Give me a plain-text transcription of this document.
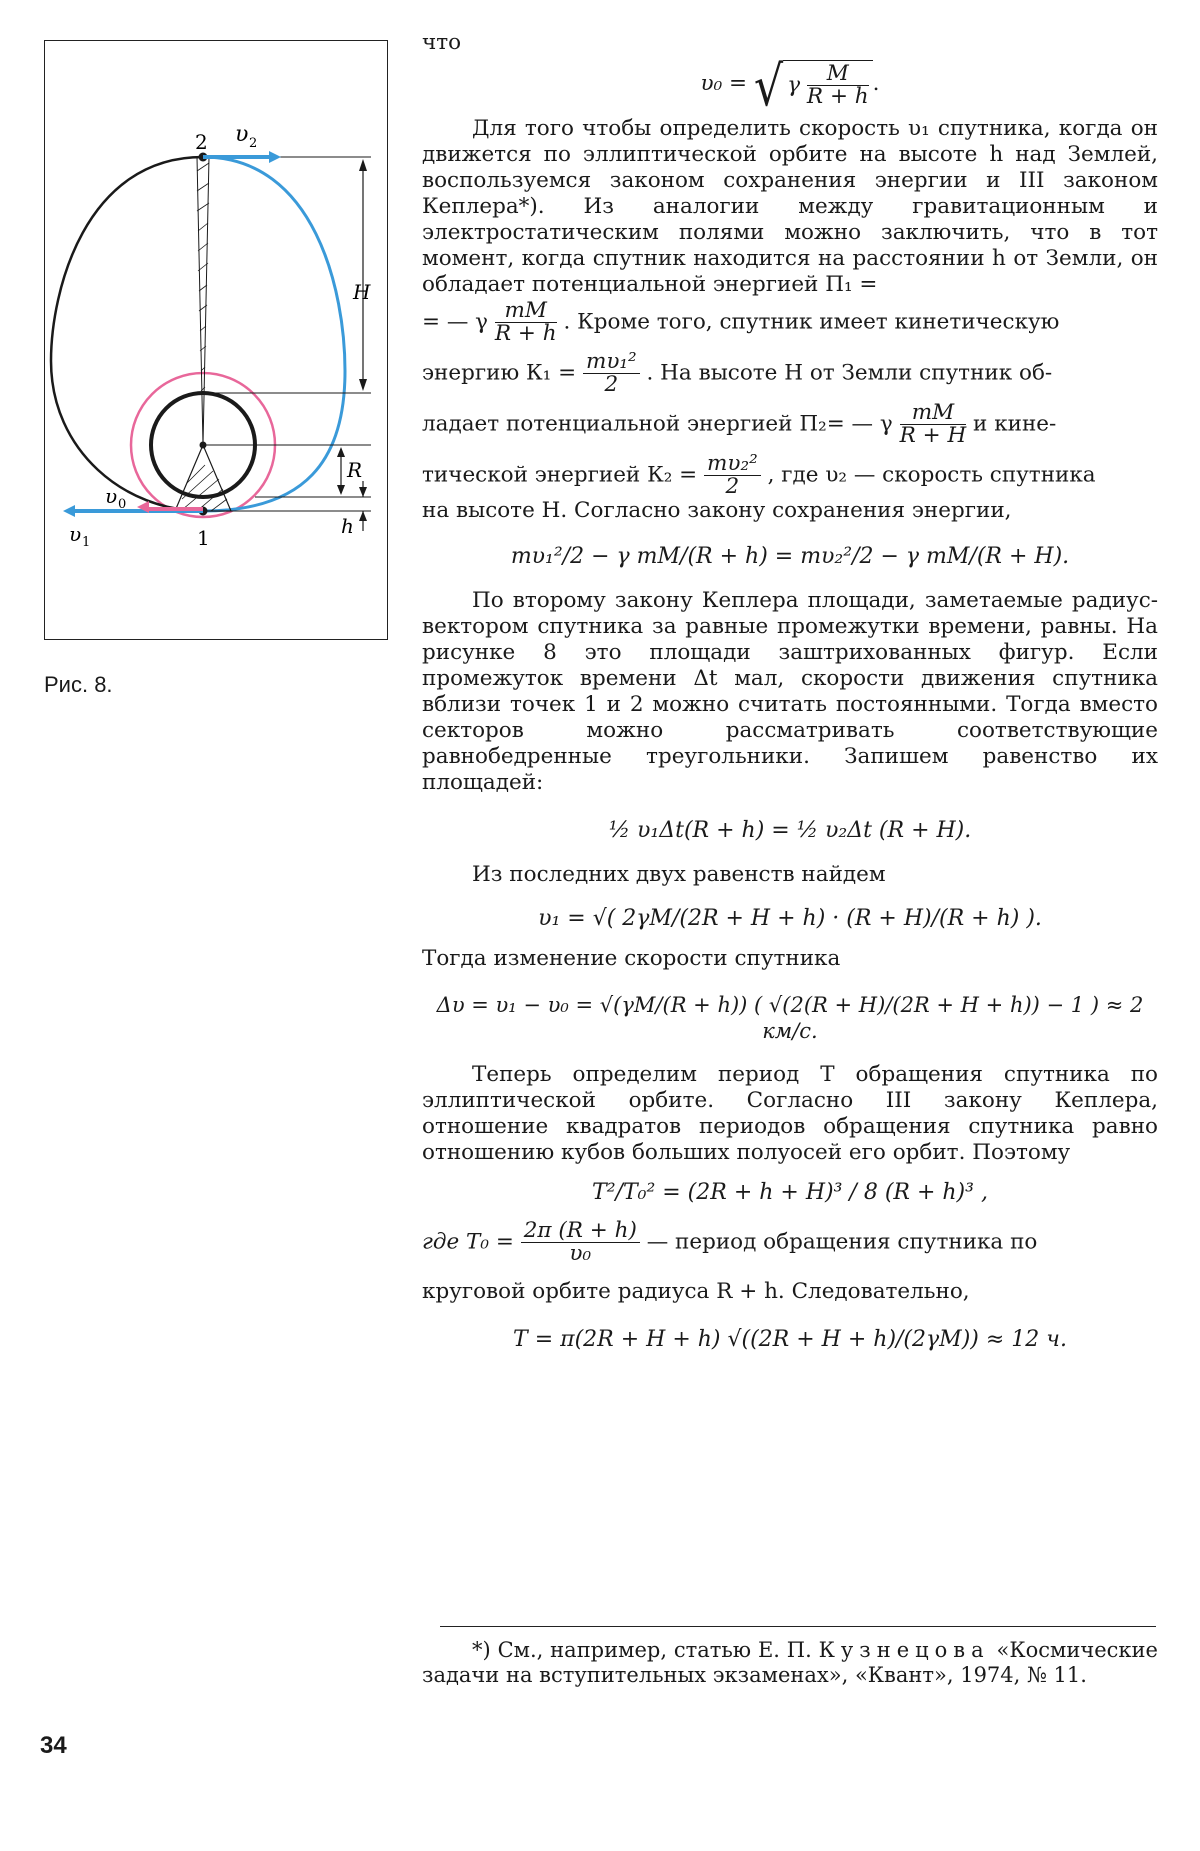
2 υ 2
H
R
h
υ 0
υ 1	1
Рис. 8.
34

что

υ₀ = √ γ $\frac{M}{R + h}$ .

Для того чтобы определить скорость υ₁ спутника, когда он движется по эллиптической орбите на высоте h над Землей, воспользуемся законом сохранения энергии и III законом Кеплера*). Из аналогии между гравитационным и электростатическим полями можно заключить, что в тот момент, когда спутник находится на расстоянии h от Земли, он обладает потенциальной энергией П₁ =

= — γ $\frac{mM}{R + h}$ . Кроме того, спутник имеет кинетическую

энергию $К_1 = \frac{\text{mυ₁²}}{2}$ . На высоте H от Земли спутник об-

ладает потенциальной энергией П₂= — γ $\frac{mM}{R + H}$ и кине-

тической энергией $К_2 = \frac{\text{mυ₂²}}{2}$ , где υ₂ — скорость спутника

на высоте H. Согласно закону сохранения энергии,

mυ₁²/2 − γ mM/(R + h) = mυ₂²/2 − γ mM/(R + H).

По второму закону Кеплера площади, заметаемые радиус-вектором спутника за равные промежутки времени, равны. На рисунке 8 это площади заштрихованных фигур. Если промежуток времени Δt мал, скорости движения спутника вблизи точек 1 и 2 можно считать постоянными. Тогда вместо секторов можно рассматривать соответствующие равнобедренные треугольники. Запишем равенство их площадей:

½ υ₁Δt(R + h) = ½ υ₂Δt (R + H).

Из последних двух равенств найдем

υ₁ = √( 2γM/(2R + H + h) · (R + H)/(R + h) ).

Тогда изменение скорости спутника

Δυ = υ₁ − υ₀ = √(γM/(R + h)) ( √(2(R + H)/(2R + H + h)) − 1 ) ≈ 2 км/с.

Теперь определим период T обращения спутника по эллиптической орбите. Согласно III закону Кеплера, отношение квадратов периодов обращения спутника равно отношению кубов больших полуосей его орбит. Поэтому

T²/T₀² = (2R + h + H)³ / 8 (R + h)³ ,

где $T_0 = \frac{2\pi (R + h)}{\text{υ₀}}$ — период обращения спутника по

круговой орбите радиуса R + h. Следовательно,

T = π(2R + H + h) √((2R + H + h)/(2γM)) ≈ 12 ч.

*) См., например, статью Е. П. Кузнецова «Космические задачи на вступительных экзаменах», «Квант», 1974, № 11.
